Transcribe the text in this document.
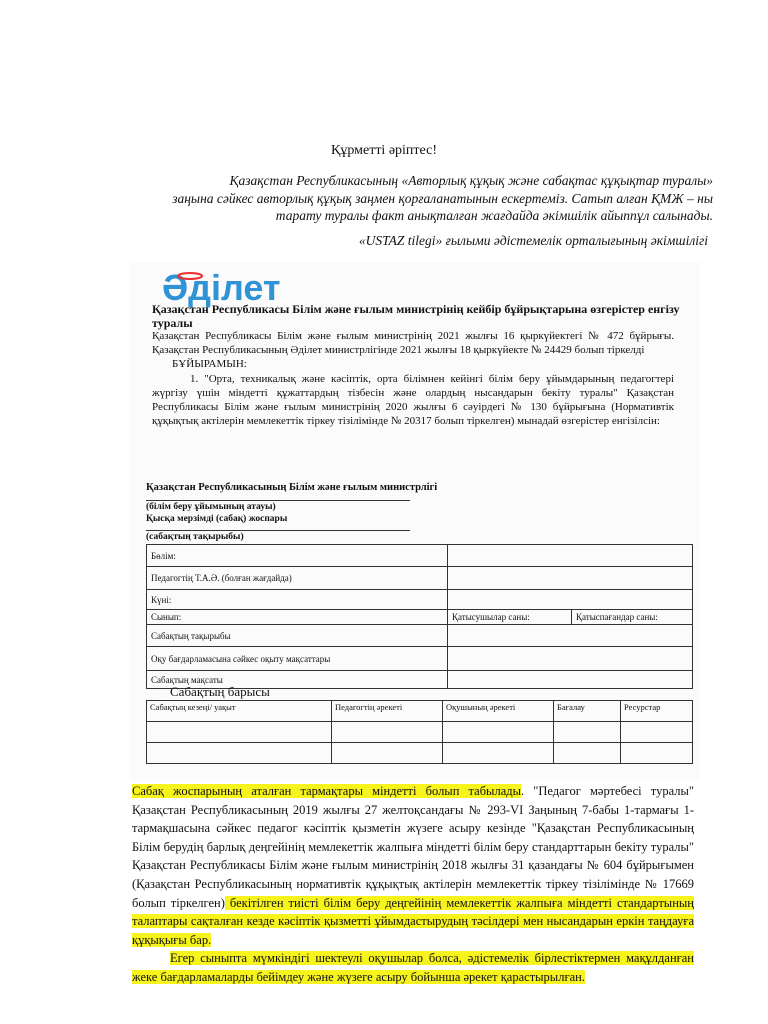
Құрметті әріптес!
Қазақстан Республикасының «Авторлық құқық және сабақтас құқықтар туралы»
заңына сәйкес авторлық құқық заңмен қорғаланатынын ескертеміз. Сатып алған ҚМЖ – ны
тарату туралы факт анықталған жағдайда әкімшілік айыппұл салынады.
«USTAZ tilegi» ғылыми әдістемелік орталығының әкімшілігі
Әділет
Қазақстан Республикасы Білім және ғылым министрінің кейбір бұйрықтарына өзгерістер енгізу туралы

Қазақстан Республикасы Білім және ғылым министрінің 2021 жылғы 16 қыркүйектегі № 472 бұйрығы. Қазақстан Республикасының Әділет министрлігінде 2021 жылғы 18 қыркүйекте № 24429 болып тіркелді

БҰЙЫРАМЫН:

1. "Орта, техникалық және кәсіптік, орта білімнен кейінгі білім беру ұйымдарының педагогтері жүргізу үшін міндетті құжаттардың тізбесін және олардың нысандарын бекіту туралы" Қазақстан Республикасы Білім және ғылым министрінің 2020 жылғы 6 сәуірдегі № 130 бұйрығына (Нормативтік құқықтық актілерін мемлекеттік тіркеу тізілімінде № 20317 болып тіркелген) мынадай өзгерістер енгізілсін:

Қазақстан Республикасының Білім және ғылым министрлігі
(білім беру ұйымының атауы)
Қысқа мерзімді (сабақ) жоспары
(сабақтың тақырыбы)
Бөлім:		
Педагогтің Т.А.Ә. (болған жағдайда)		
Күні:		
Сынып:	Қатысушылар саны:	Қатыспағандар саны:
Сабақтың тақырыбы		
Оқу бағдарламасына сәйкес оқыту мақсаттары		
Сабақтың мақсаты		
Сабақтың барысы
Сабақтың кезеңі/ уақыт	Педагогтің әрекеті	Оқушының әрекеті	Бағалау	Ресурстар

Сабақ жоспарының аталған тармақтары міндетті болып табылады. "Педагог мәртебесі туралы" Қазақстан Республикасының 2019 жылғы 27 желтоқсандағы № 293-VI Заңының 7-бабы 1-тармағы 1-тармақшасына сәйкес педагог кәсіптік қызметін жүзеге асыру кезінде "Қазақстан Республикасының Білім берудің барлық деңгейінің мемлекеттік жалпыға міндетті білім беру стандарттарын бекіту туралы" Қазақстан Республикасы Білім және ғылым министрінің 2018 жылғы 31 қазандағы № 604 бұйрығымен (Қазақстан Республикасының нормативтік құқықтық актілерін мемлекеттік тіркеу тізілімінде № 17669 болып тіркелген) бекітілген тиісті білім беру деңгейінің мемлекеттік жалпыға міндетті стандартының талаптары сақталған кезде кәсіптік қызметті ұйымдастырудың тәсілдері мен нысандарын еркін таңдауға құқықығы бар.

Егер сыныпта мүмкіндігі шектеулі оқушылар болса, әдістемелік бірлестіктермен мақұлданған жеке бағдарламаларды бейімдеу және жүзеге асыру бойынша әрекет қарастырылған.
